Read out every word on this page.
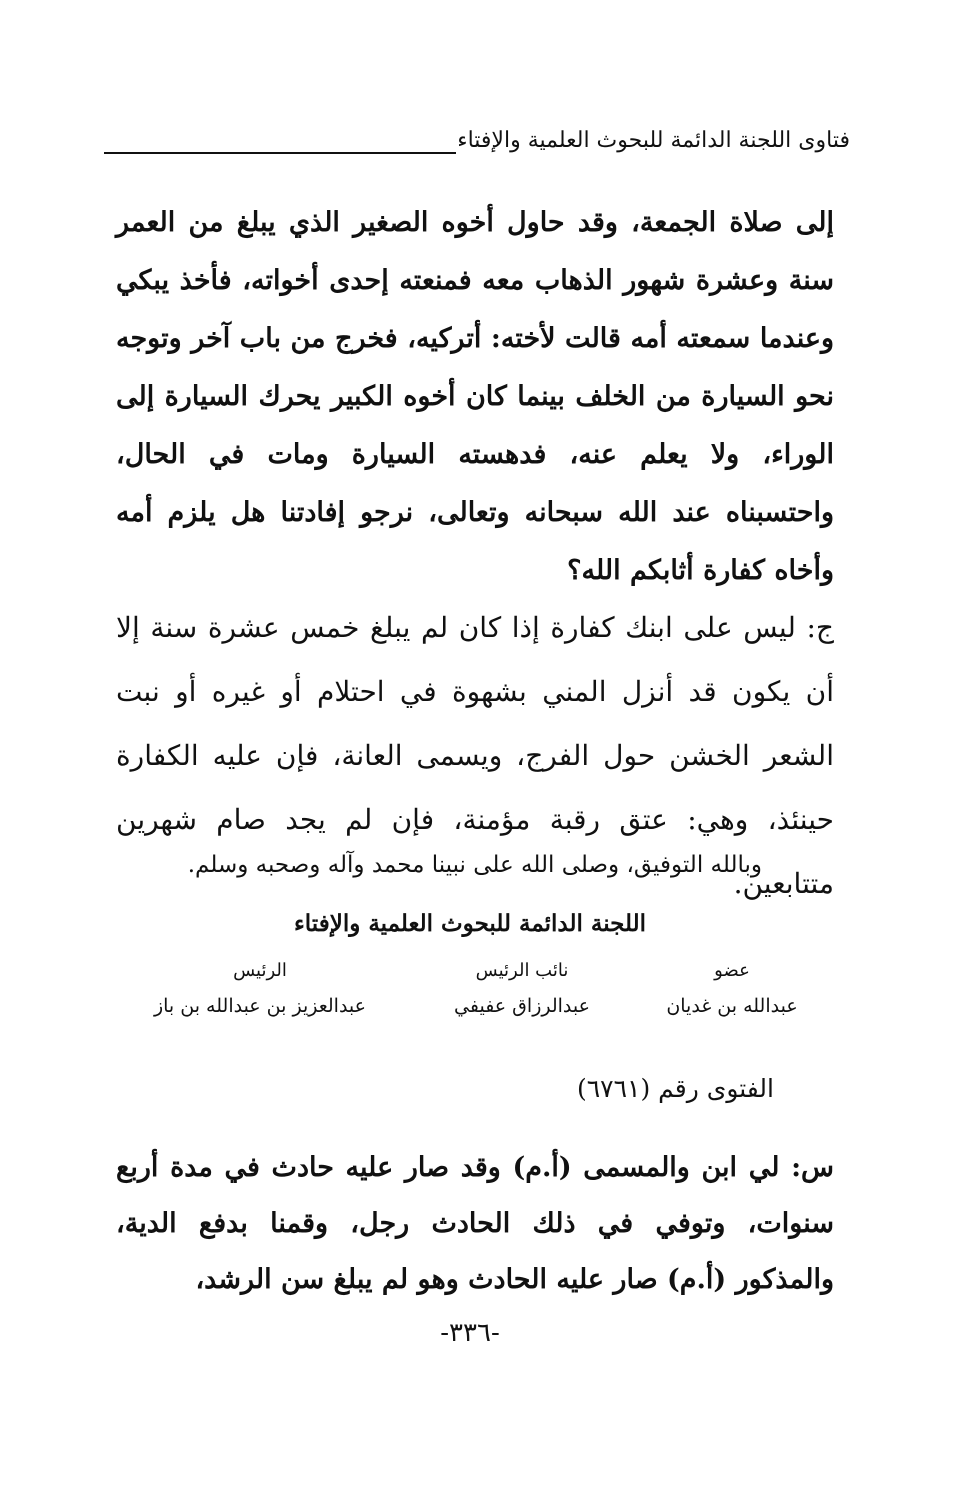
فتاوى اللجنة الدائمة للبحوث العلمية والإفتاء

إلى صلاة الجمعة، وقد حاول أخوه الصغير الذي يبلغ من العمر سنة وعشرة شهور الذهاب معه فمنعته إحدى أخواته، فأخذ يبكي وعندما سمعته أمه قالت لأخته: أتركيه، فخرج من باب آخر وتوجه نحو السيارة من الخلف بينما كان أخوه الكبير يحرك السيارة إلى الوراء، ولا يعلم عنه، فدهسته السيارة ومات في الحال، واحتسبناه عند الله سبحانه وتعالى، نرجو إفادتنا هل يلزم أمه وأخاه كفارة أثابكم الله؟

ج: ليس على ابنك كفارة إذا كان لم يبلغ خمس عشرة سنة إلا أن يكون قد أنزل المني بشهوة في احتلام أو غيره أو نبت الشعر الخشن حول الفرج، ويسمى العانة، فإن عليه الكفارة حينئذ، وهي: عتق رقبة مؤمنة، فإن لم يجد صام شهرين متتابعين.

وبالله التوفيق، وصلى الله على نبينا محمد وآله وصحبه وسلم.
اللجنة الدائمة للبحوث العلمية والإفتاء
عضو
عبدالله بن غديان
نائب الرئيس
عبدالرزاق عفيفي
الرئيس
عبدالعزيز بن عبدالله بن باز
الفتوى رقم (٦٧٦١)

س: لي ابن والمسمى (أ.م) وقد صار عليه حادث في مدة أربع سنوات، وتوفي في ذلك الحادث رجل، وقمنا بدفع الدية، والمذكور (أ.م) صار عليه الحادث وهو لم يبلغ سن الرشد،

-٣٣٦-
